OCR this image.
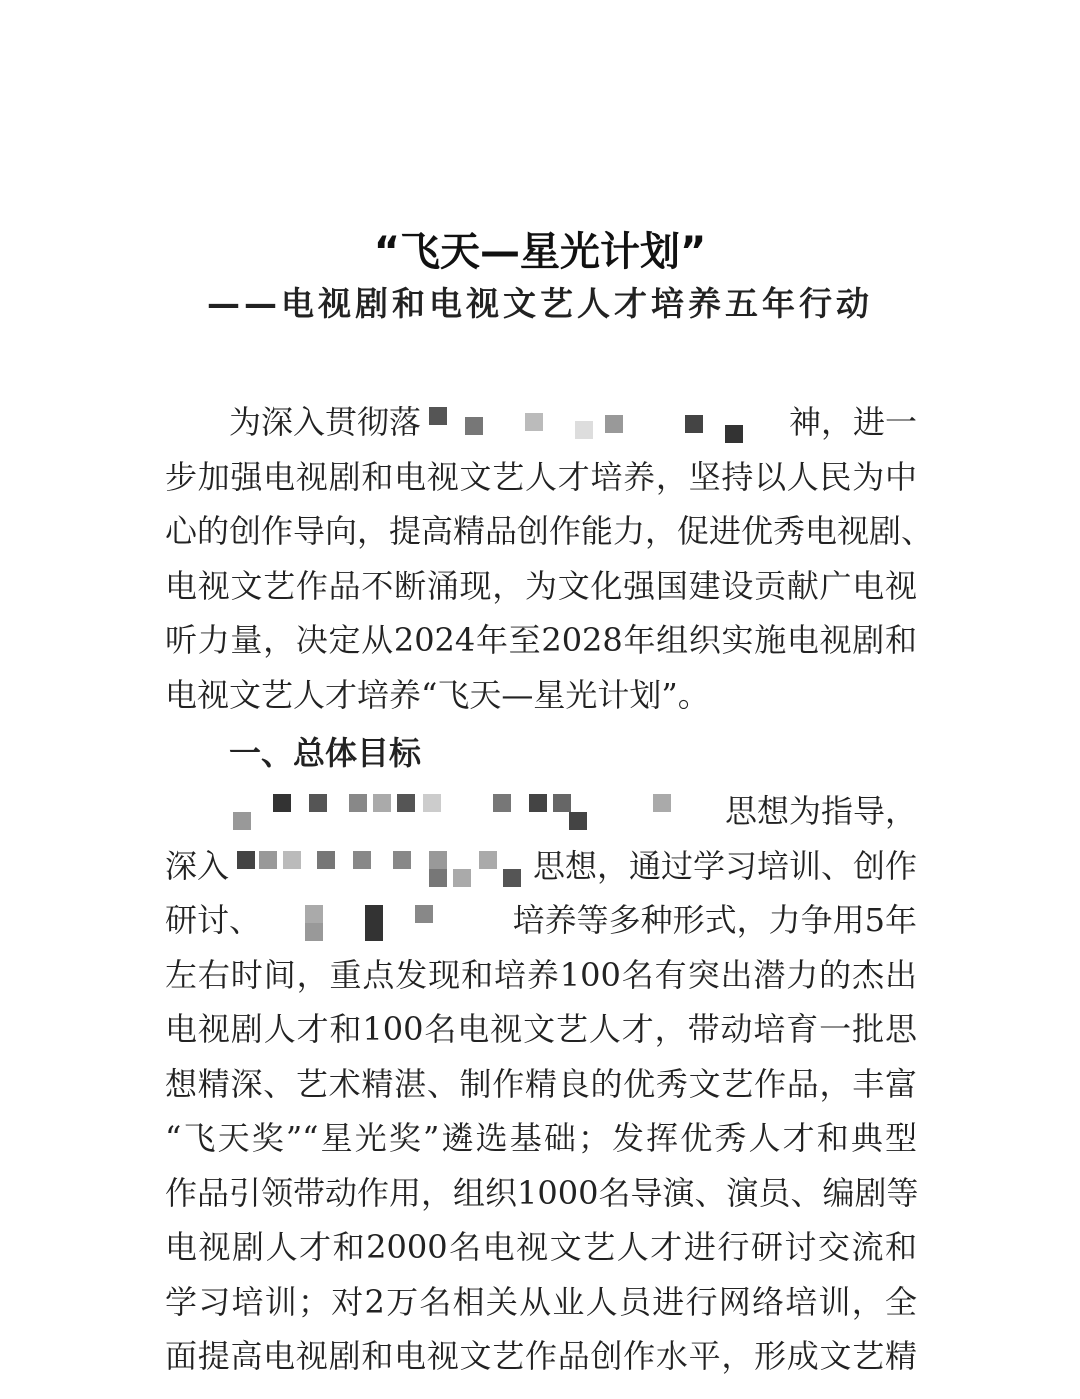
“飞天—星光计划”
——电视剧和电视文艺人才培养五年行动
为深入贯彻落	神，进一
步加强电视剧和电视文艺人才培养，坚持以人民为中
心的创作导向，提高精品创作能力，促进优秀电视剧、
电视文艺作品不断涌现，为文化强国建设贡献广电视
听力量，决定从2024年至2028年组织实施电视剧和
电视文艺人才培养“飞天—星光计划”。
一、总体目标
思想为指导，
深入	思想，通过学习培训、创作
研讨、	培养等多种形式，力争用5年
左右时间，重点发现和培养100名有突出潜力的杰出
电视剧人才和100名电视文艺人才，带动培育一批思
想精深、艺术精湛、制作精良的优秀文艺作品，丰富
“飞天奖”“星光奖”遴选基础；发挥优秀人才和典型
作品引领带动作用，组织1000名导演、演员、编剧等
电视剧人才和2000名电视文艺人才进行研讨交流和
学习培训；对2万名相关从业人员进行网络培训，全
面提高电视剧和电视文艺作品创作水平，形成文艺精
